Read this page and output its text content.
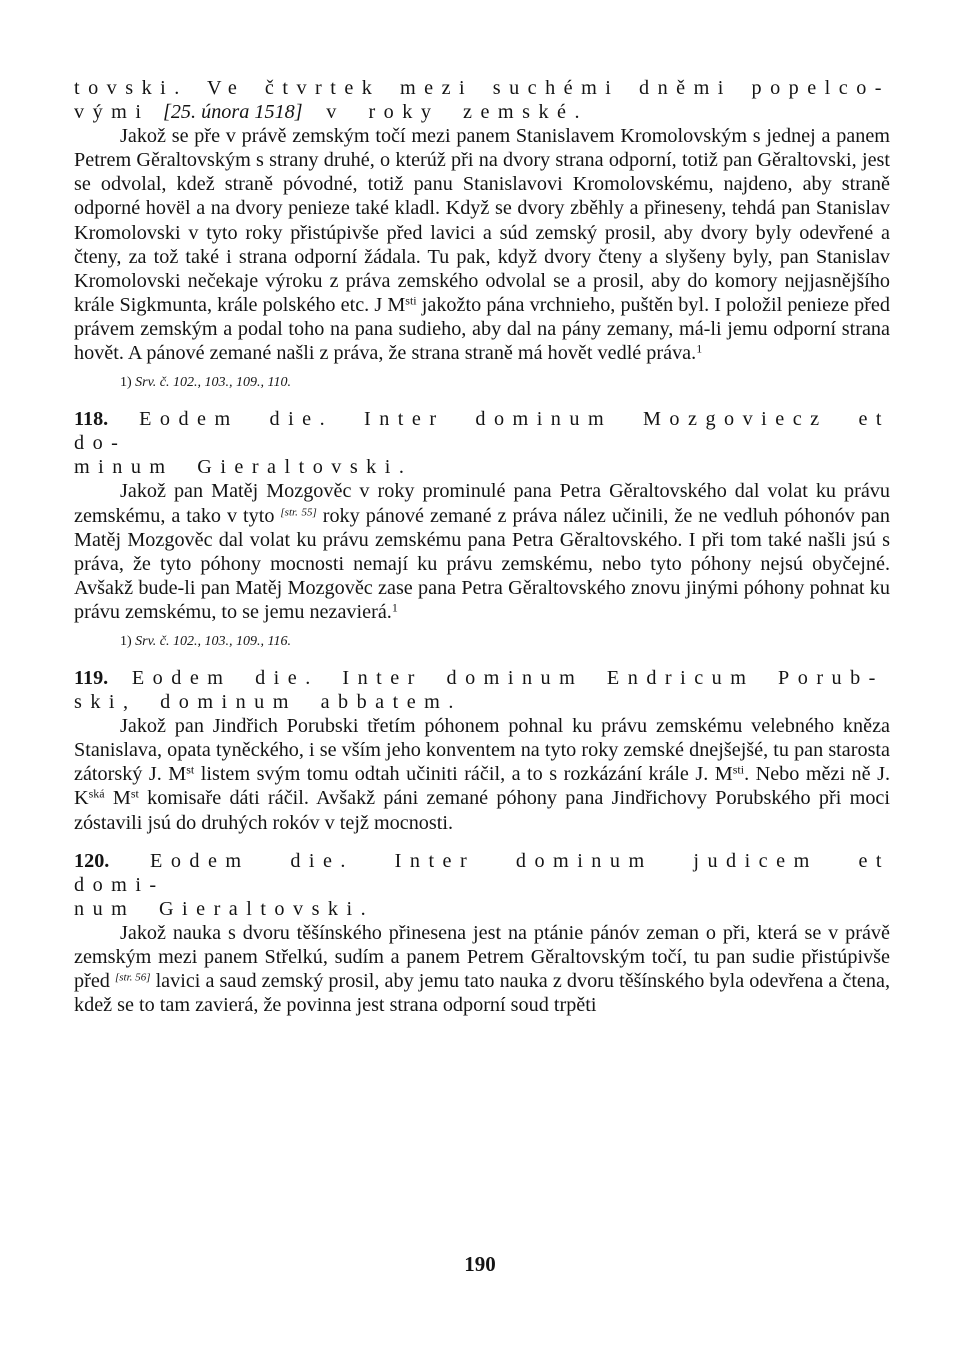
tovski. Ve čtvrtek mezi suchémi dněmi popelco-

vými [25. února 1518] v roky zemské.

Jakož se pře v právě zemským točí mezi panem Stanislavem Kromolovským s jednej a panem Petrem Gěraltovským s strany druhé, o kterúž při na dvory strana odporní, totiž pan Gěraltovski, jest se odvolal, kdež straně póvodné, totiž panu Stanislavovi Kromolovskému, najdeno, aby straně odporné hovël a na dvory penieze také kladl. Když se dvory zběhly a přineseny, tehdá pan Stanislav Kromolovski v tyto roky přistúpivše před lavici a súd zemský prosil, aby dvory byly odevřené a čteny, za tož také i strana odporní žádala. Tu pak, když dvory čteny a slyšeny byly, pan Stanislav Kromolovski nečekaje výroku z práva zemského odvolal se a prosil, aby do komory nejjasnějšího krále Sigkmunta, krále polského etc. J $M^{sti}$ jakožto pána vrchnieho, puštěn byl. I položil penieze před právem zemským a podal toho na pana sudieho, aby dal na pány zemany, má-li jemu odporní strana hovět. A pánové zemané našli z práva, že strana straně má hovět vedlé práva.$^1$

1) Srv. č. 102., 103., 109., 110.

118. Eodem die. Inter dominum Mozgoviecz et do-

minum Gieraltovski.

Jakož pan Matěj Mozgověc v roky prominulé pana Petra Gěraltovského dal volat ku právu zemskému, a tako v tyto [str. 55] roky pánové zemané z práva nález učinili, že ne vedluh póhonóv pan Matěj Mozgověc dal volat ku právu zemskému pana Petra Gěraltovského. I při tom také našli jsú s práva, že tyto póhony mocnosti nemají ku právu zemskému, nebo tyto póhony nejsú obyčejné. Avšakž bude-li pan Matěj Mozgověc zase pana Petra Gěraltovského znovu jinými póhony pohnat ku právu zemskému, to se jemu nezavierá.$^1$

1) Srv. č. 102., 103., 109., 116.

119. Eodem die. Inter dominum Endricum Porub-

ski, dominum abbatem.

Jakož pan Jindřich Porubski třetím póhonem pohnal ku právu zemskému velebného kněza Stanislava, opata tyněckého, i se vším jeho konventem na tyto roky zemské dnejšejšé, tu pan starosta zátorský J. Mst listem svým tomu odtah učiniti ráčil, a to s rozkázání krále J. $M^{sti}$. Nebo mězi ně J. $K^{ská}$ Mst komisaře dáti ráčil. Avšakž páni zemané póhony pana Jindřichovy Porubského při moci zóstavili jsú do druhých rokóv v tejž mocnosti.

120. Eodem die. Inter dominum judicem et domi-

num Gieraltovski.

Jakož nauka s dvoru těšínského přinesena jest na ptánie pánóv zeman o při, která se v právě zemským mezi panem Střelkú, sudím a panem Petrem Gěraltovským točí, tu pan sudie přistúpivše před [str. 56] lavici a saud zemský prosil, aby jemu tato nauka z dvoru těšínského byla odevřena a čtena, kdež se to tam zavierá, že povinna jest strana odporní soud trpěti

190
